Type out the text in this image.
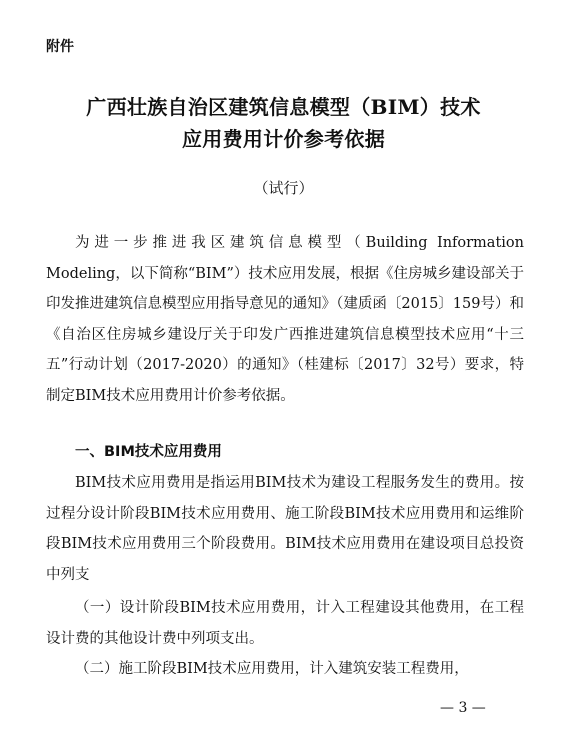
附件
广西壮族自治区建筑信息模型（BIM）技术
应用费用计价参考依据
（试行）

为进一步推进我区建筑信息模型（Building Information Modeling，以下简称“BIM”）技术应用发展，根据《住房城乡建设部关于印发推进建筑信息模型应用指导意见的通知》（建质函〔2015〕159号）和《自治区住房城乡建设厅关于印发广西推进建筑信息模型技术应用“十三五”行动计划（2017-2020）的通知》（桂建标〔2017〕32号）要求，特制定BIM技术应用费用计价参考依据。

一、BIM技术应用费用

BIM技术应用费用是指运用BIM技术为建设工程服务发生的费用。按过程分设计阶段BIM技术应用费用、施工阶段BIM技术应用费用和运维阶段BIM技术应用费用三个阶段费用。BIM技术应用费用在建设项目总投资中列支

（一）设计阶段BIM技术应用费用，计入工程建设其他费用，在工程设计费的其他设计费中列项支出。

（二）施工阶段BIM技术应用费用，计入建筑安装工程费用，

— 3 —
